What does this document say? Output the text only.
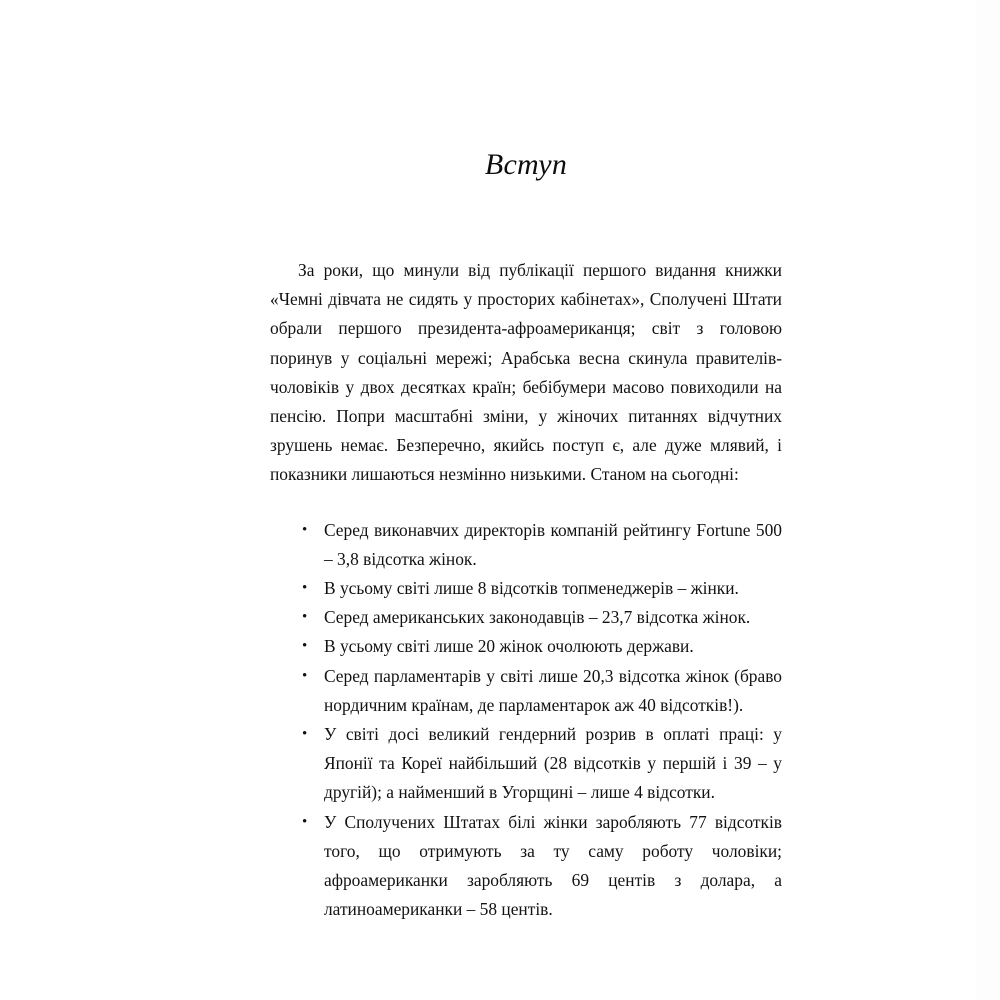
Вступ

За роки, що минули від публікації першого видання книжки «Чемні дівчата не сидять у просторих кабінетах», Сполучені Штати обрали першого президента-афроамериканця; світ з головою поринув у соціальні мережі; Арабська весна скинула правителів-чоловіків у двох десятках країн; бебібумери масово повиходили на пенсію. Попри масштабні зміни, у жіночих питаннях відчутних зрушень немає. Безперечно, якийсь поступ є, але дуже млявий, і показники лишаються незмінно низькими. Станом на сьогодні:

• Серед виконавчих директорів компаній рейтингу Fortune 500 – 3,8 відсотка жінок.
• В усьому світі лише 8 відсотків топменеджерів – жінки.
• Серед американських законодавців – 23,7 відсотка жінок.
• В усьому світі лише 20 жінок очолюють держави.
• Серед парламентарів у світі лише 20,3 відсотка жінок (браво нордичним країнам, де парламентарок аж 40 відсотків!).
• У світі досі великий гендерний розрив в оплаті праці: у Японії та Кореї найбільший (28 відсотків у першій і 39 – у другій); а найменший в Угорщині – лише 4 відсотки.
• У Сполучених Штатах білі жінки заробляють 77 відсотків того, що отримують за ту саму роботу чоловіки; афроамериканки заробляють 69 центів з долара, а латиноамериканки – 58 центів.
